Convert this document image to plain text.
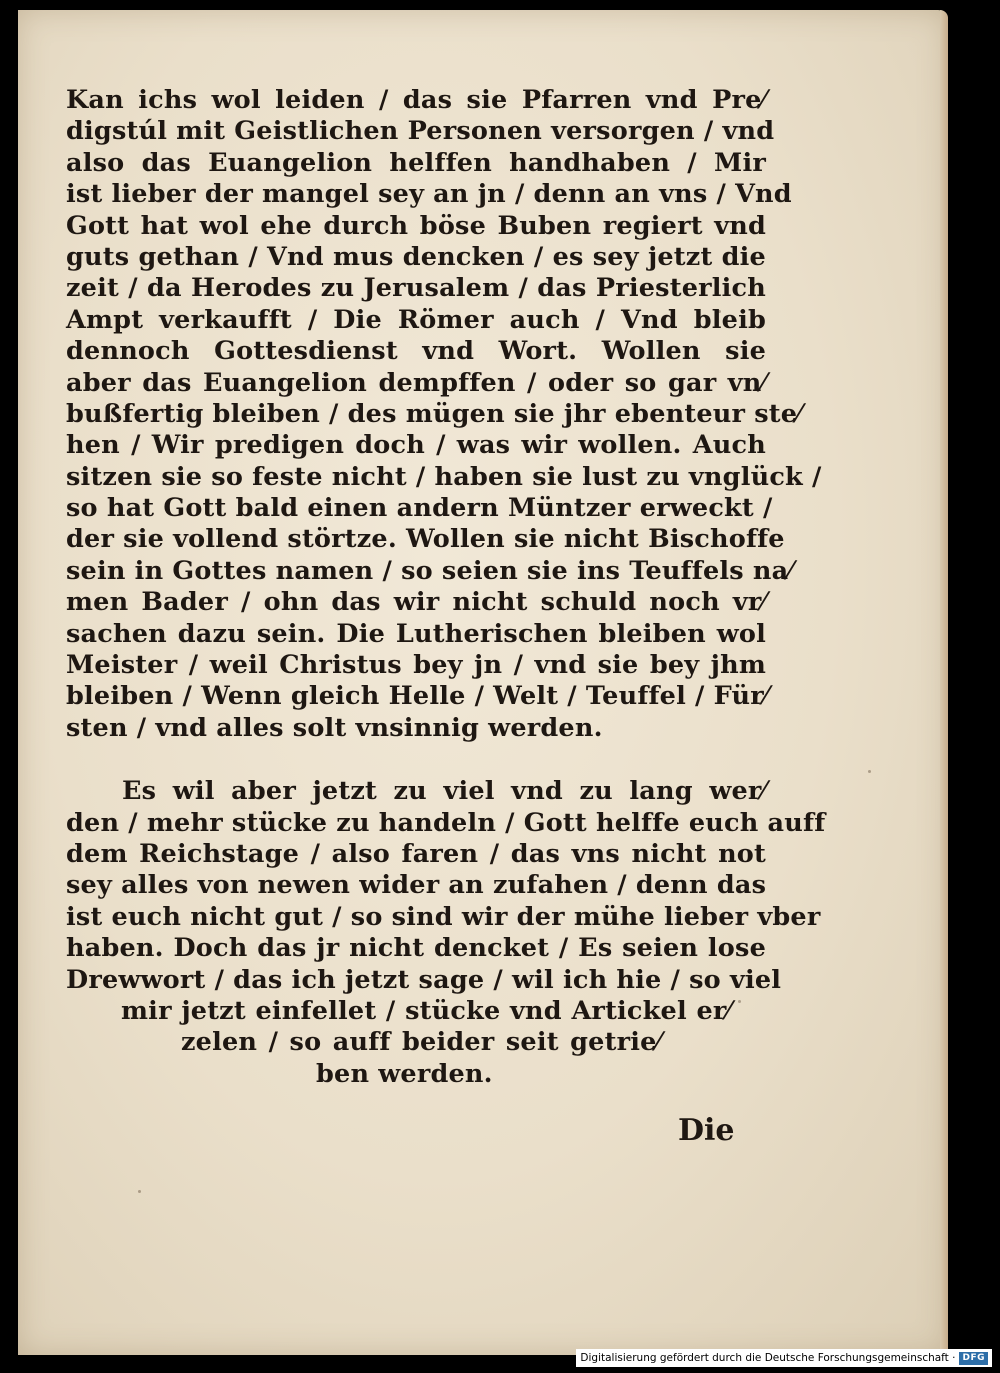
Kan ichs wol leiden / das sie Pfarren vnd Pre⁄
digstúl mit Geistlichen Personen versorgen / vnd
also das Euangelion helffen handhaben / Mir
ist lieber der mangel sey an jn / denn an vns / Vnd
Gott hat wol ehe durch böse Buben regiert vnd
guts gethan / Vnd mus dencken / es sey jetzt die
zeit / da Herodes zu Jerusalem / das Priesterlich
Ampt verkaufft / Die Römer auch / Vnd bleib
dennoch Gottesdienst vnd Wort. Wollen sie
aber das Euangelion dempffen / oder so gar vn⁄
bußfertig bleiben / des mügen sie jhr ebenteur ste⁄
hen / Wir predigen doch / was wir wollen. Auch
sitzen sie so feste nicht / haben sie lust zu vnglück /
so hat Gott bald einen andern Müntzer erweckt /
der sie vollend störtze. Wollen sie nicht Bischoffe
sein in Gottes namen / so seien sie ins Teuffels na⁄
men Bader / ohn das wir nicht schuld noch vr⁄
sachen dazu sein. Die Lutherischen bleiben wol
Meister / weil Christus bey jn / vnd sie bey jhm
bleiben / Wenn gleich Helle / Welt / Teuffel / Für⁄
sten / vnd alles solt vnsinnig werden.
Es wil aber jetzt zu viel vnd zu lang wer⁄
den / mehr stücke zu handeln / Gott helffe euch auff
dem Reichstage / also faren / das vns nicht not
sey alles von newen wider an zufahen / denn das
ist euch nicht gut / so sind wir der mühe lieber vber
haben. Doch das jr nicht dencket / Es seien lose
Drewwort / das ich jetzt sage / wil ich hie / so viel
mir jetzt einfellet / stücke vnd Artickel er⁄
zelen / so auff beider seit getrie⁄
ben werden.
Die
Digitalisierung gefördert durch die Deutsche Forschungsgemeinschaft · DFG
